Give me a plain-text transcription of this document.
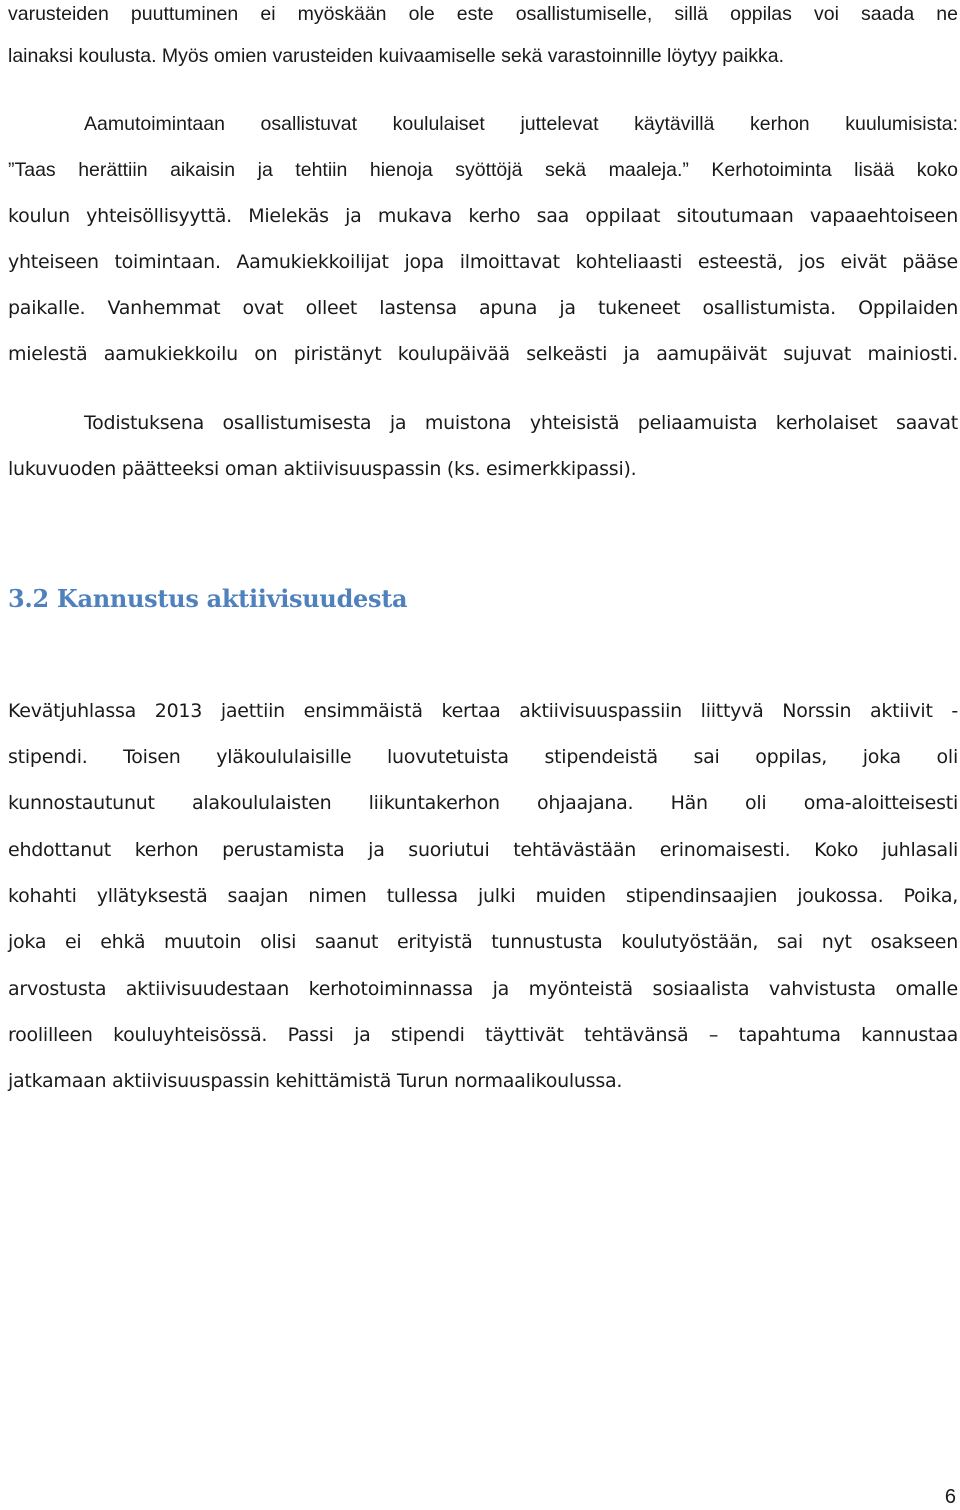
varusteiden puuttuminen ei myöskään ole este osallistumiselle, sillä oppilas voi saada ne
lainaksi koulusta. Myös omien varusteiden kuivaamiselle sekä varastoinnille löytyy paikka.
Aamutoimintaan osallistuvat koululaiset juttelevat käytävillä kerhon kuulumisista:
”Taas herättiin aikaisin ja tehtiin hienoja syöttöjä sekä maaleja.” Kerhotoiminta lisää koko
koulun yhteisöllisyyttä. Mielekäs ja mukava kerho saa oppilaat sitoutumaan vapaaehtoiseen
yhteiseen toimintaan. Aamukiekkoilijat jopa ilmoittavat kohteliaasti esteestä, jos eivät pääse
paikalle. Vanhemmat ovat olleet lastensa apuna ja tukeneet osallistumista. Oppilaiden
mielestä aamukiekkoilu on piristänyt koulupäivää selkeästi ja aamupäivät sujuvat mainiosti.
Todistuksena osallistumisesta ja muistona yhteisistä peliaamuista kerholaiset saavat
lukuvuoden päätteeksi oman aktiivisuuspassin (ks. esimerkkipassi).
3.2 Kannustus aktiivisuudesta
Kevätjuhlassa 2013 jaettiin ensimmäistä kertaa aktiivisuuspassiin liittyvä Norssin aktiivit -
stipendi. Toisen yläkoululaisille luovutetuista stipendeistä sai oppilas, joka oli
kunnostautunut alakoululaisten liikuntakerhon ohjaajana. Hän oli oma-aloitteisesti
ehdottanut kerhon perustamista ja suoriutui tehtävästään erinomaisesti. Koko juhlasali
kohahti yllätyksestä saajan nimen tullessa julki muiden stipendinsaajien joukossa. Poika,
joka ei ehkä muutoin olisi saanut erityistä tunnustusta koulutyöstään, sai nyt osakseen
arvostusta aktiivisuudestaan kerhotoiminnassa ja myönteistä sosiaalista vahvistusta omalle
roolilleen kouluyhteisössä. Passi ja stipendi täyttivät tehtävänsä – tapahtuma kannustaa
jatkamaan aktiivisuuspassin kehittämistä Turun normaalikoulussa.
6
